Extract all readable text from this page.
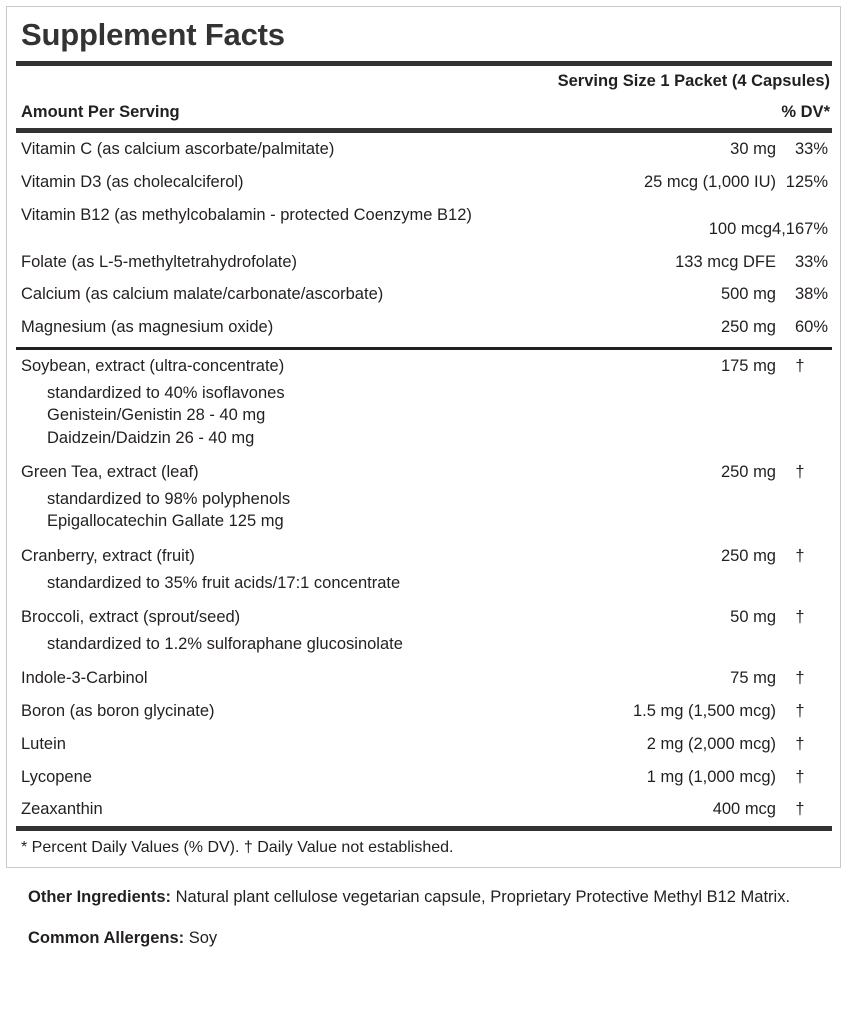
Supplement Facts
Serving Size 1 Packet (4 Capsules)
Amount Per Serving	% DV*
Vitamin C (as calcium ascorbate/palmitate)	30 mg	33%
Vitamin D3 (as cholecalciferol)	25 mcg (1,000 IU) 125%
Vitamin B12 (as methylcobalamin - protected Coenzyme B12)
100 mcg 4,167%
Folate (as L-5-methyltetrahydrofolate)	133 mcg DFE	33%
Calcium (as calcium malate/carbonate/ascorbate)	500 mg	38%
Magnesium (as magnesium oxide)	250 mg	60%
Soybean, extract (ultra-concentrate)	175 mg	†
standardized to 40% isoflavones
Genistein/Genistin 28 - 40 mg
Daidzein/Daidzin 26 - 40 mg
Green Tea, extract (leaf)	250 mg	†
standardized to 98% polyphenols
Epigallocatechin Gallate 125 mg
Cranberry, extract (fruit)	250 mg	†
standardized to 35% fruit acids/17:1 concentrate
Broccoli, extract (sprout/seed)	50 mg	†
standardized to 1.2% sulforaphane glucosinolate
Indole-3-Carbinol	75 mg	†
Boron (as boron glycinate)	1.5 mg (1,500 mcg)	†
Lutein	2 mg (2,000 mcg)	†
Lycopene	1 mg (1,000 mcg)	†
Zeaxanthin	400 mcg	†
* Percent Daily Values (% DV). † Daily Value not established.

Other Ingredients: Natural plant cellulose vegetarian capsule, Proprietary Protective Methyl B12 Matrix.

Common Allergens: Soy
